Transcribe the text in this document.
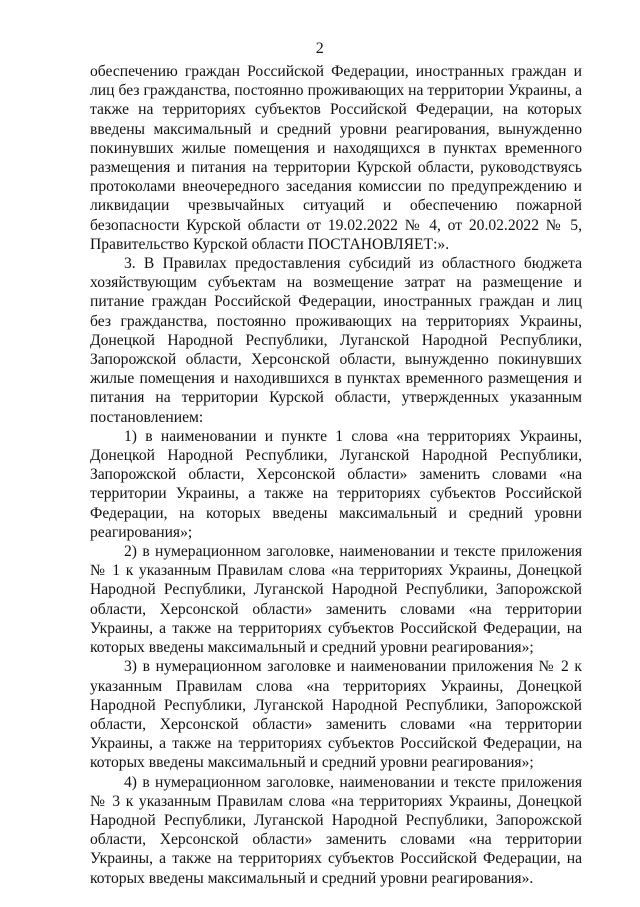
2

обеспечению граждан Российской Федерации, иностранных граждан и лиц без гражданства, постоянно проживающих на территории Украины, а также на территориях субъектов Российской Федерации, на которых введены максимальный и средний уровни реагирования, вынужденно покинувших жилые помещения и находящихся в пунктах временного размещения и питания на территории Курской области, руководствуясь протоколами внеочередного заседания комиссии по предупреждению и ликвидации чрезвычайных ситуаций и обеспечению пожарной безопасности Курской области от 19.02.2022 № 4, от 20.02.2022 № 5, Правительство Курской области ПОСТАНОВЛЯЕТ:».

3. В Правилах предоставления субсидий из областного бюджета хозяйствующим субъектам на возмещение затрат на размещение и питание граждан Российской Федерации, иностранных граждан и лиц без гражданства, постоянно проживающих на территориях Украины, Донецкой Народной Республики, Луганской Народной Республики, Запорожской области, Херсонской области, вынужденно покинувших жилые помещения и находившихся в пунктах временного размещения и питания на территории Курской области, утвержденных указанным постановлением:

1) в наименовании и пункте 1 слова «на территориях Украины, Донецкой Народной Республики, Луганской Народной Республики, Запорожской области, Херсонской области» заменить словами «на территории Украины, а также на территориях субъектов Российской Федерации, на которых введены максимальный и средний уровни реагирования»;

2) в нумерационном заголовке, наименовании и тексте приложения № 1 к указанным Правилам слова «на территориях Украины, Донецкой Народной Республики, Луганской Народной Республики, Запорожской области, Херсонской области» заменить словами «на территории Украины, а также на территориях субъектов Российской Федерации, на которых введены максимальный и средний уровни реагирования»;

3) в нумерационном заголовке и наименовании приложения № 2 к указанным Правилам слова «на территориях Украины, Донецкой Народной Республики, Луганской Народной Республики, Запорожской области, Херсонской области» заменить словами «на территории Украины, а также на территориях субъектов Российской Федерации, на которых введены максимальный и средний уровни реагирования»;

4) в нумерационном заголовке, наименовании и тексте приложения № 3 к указанным Правилам слова «на территориях Украины, Донецкой Народной Республики, Луганской Народной Республики, Запорожской области, Херсонской области» заменить словами «на территории Украины, а также на территориях субъектов Российской Федерации, на которых введены максимальный и средний уровни реагирования».
